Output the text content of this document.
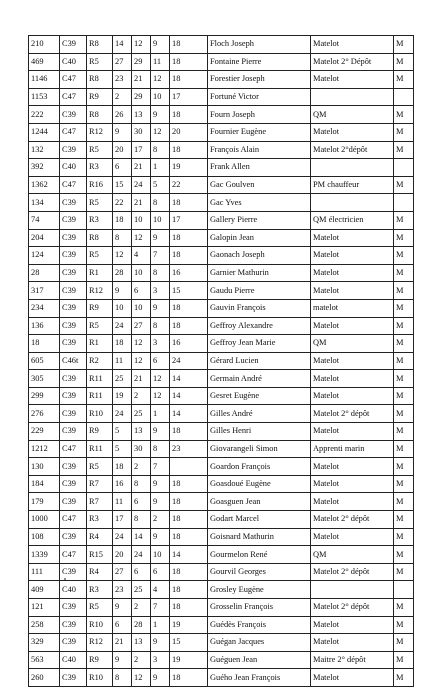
210	C39	R8	14	12	9	18	Floch Joseph	Matelot	M
469	C40	R5	27	29	11	18	Fontaine Pierre	Matelot 2° Dépôt	M
1146	C47	R8	23	21	12	18	Forestier Joseph	Matelot	M
1153	C47	R9	2	29	10	17	Fortuné Victor		
222	C39	R8	26	13	9	18	Fourn Joseph	QM	M
1244	C47	R12	9	30	12	20	Fournier Eugène	Matelot	M
132	C39	R5	20	17	8	18	François Alain	Matelot 2°dépôt	M
392	C40	R3	6	21	1	19	Frank Allen		
1362	C47	R16	15	24	5	22	Gac Goulven	PM chauffeur	M
134	C39	R5	22	21	8	18	Gac Yves		
74	C39	R3	18	10	10	17	Gallery Pierre	QM électricien	M
204	C39	R8	8	12	9	18	Galopin Jean	Matelot	M
124	C39	R5	12	4	7	18	Gaonach Joseph	Matelot	M
28	C39	R1	28	10	8	16	Garnier Mathurin	Matelot	M
317	C39	R12	9	6	3	15	Gaudu Pierre	Matelot	M
234	C39	R9	10	10	9	18	Gauvin François	matelot	M
136	C39	R5	24	27	8	18	Geffroy Alexandre	Matelot	M
18	C39	R1	18	12	3	16	Geffroy Jean Marie	QM	M
605	C46t	R2	11	12	6	24	Gérard Lucien	Matelot	M
305	C39	R11	25	21	12	14	Germain André	Matelot	M
299	C39	R11	19	2	12	14	Gesret Eugène	Matelot	M
276	C39	R10	24	25	1	14	Gilles André	Matelot 2° dépôt	M
229	C39	R9	5	13	9	18	Gilles Henri	Matelot	M
1212	C47	R11	5	30	8	23	Giovarangeli Simon	Apprenti marin	M
130	C39	R5	18	2	7		Goardon François	Matelot	M
184	C39	R7	16	8	9	18	Goasdoué Eugène	Matelot	M
179	C39	R7	11	6	9	18	Goasguen Jean	Matelot	M
1000	C47	R3	17	8	2	18	Godart Marcel	Matelot 2° dépôt	M
108	C39	R4	24	14	9	18	Goisnard Mathurin	Matelot	M
1339	C47	R15	20	24	10	14	Gourmelon René	QM	M
111	C39	R4	27	6	6	18	Gourvil Georges	Matelot 2° dépôt	M
409	C40	R3	23	25	4	18	Grosley Eugène		
121	C39	R5	9	2	7	18	Grosselin François	Matelot 2° dépôt	M
258	C39	R10	6	28	1	19	Guédès François	Matelot	M
329	C39	R12	21	13	9	15	Guégan Jacques	Matelot	M
563	C40	R9	9	2	3	19	Guéguen Jean	Maitre 2° dépôt	M
260	C39	R10	8	12	9	18	Guého Jean François	Matelot	M
